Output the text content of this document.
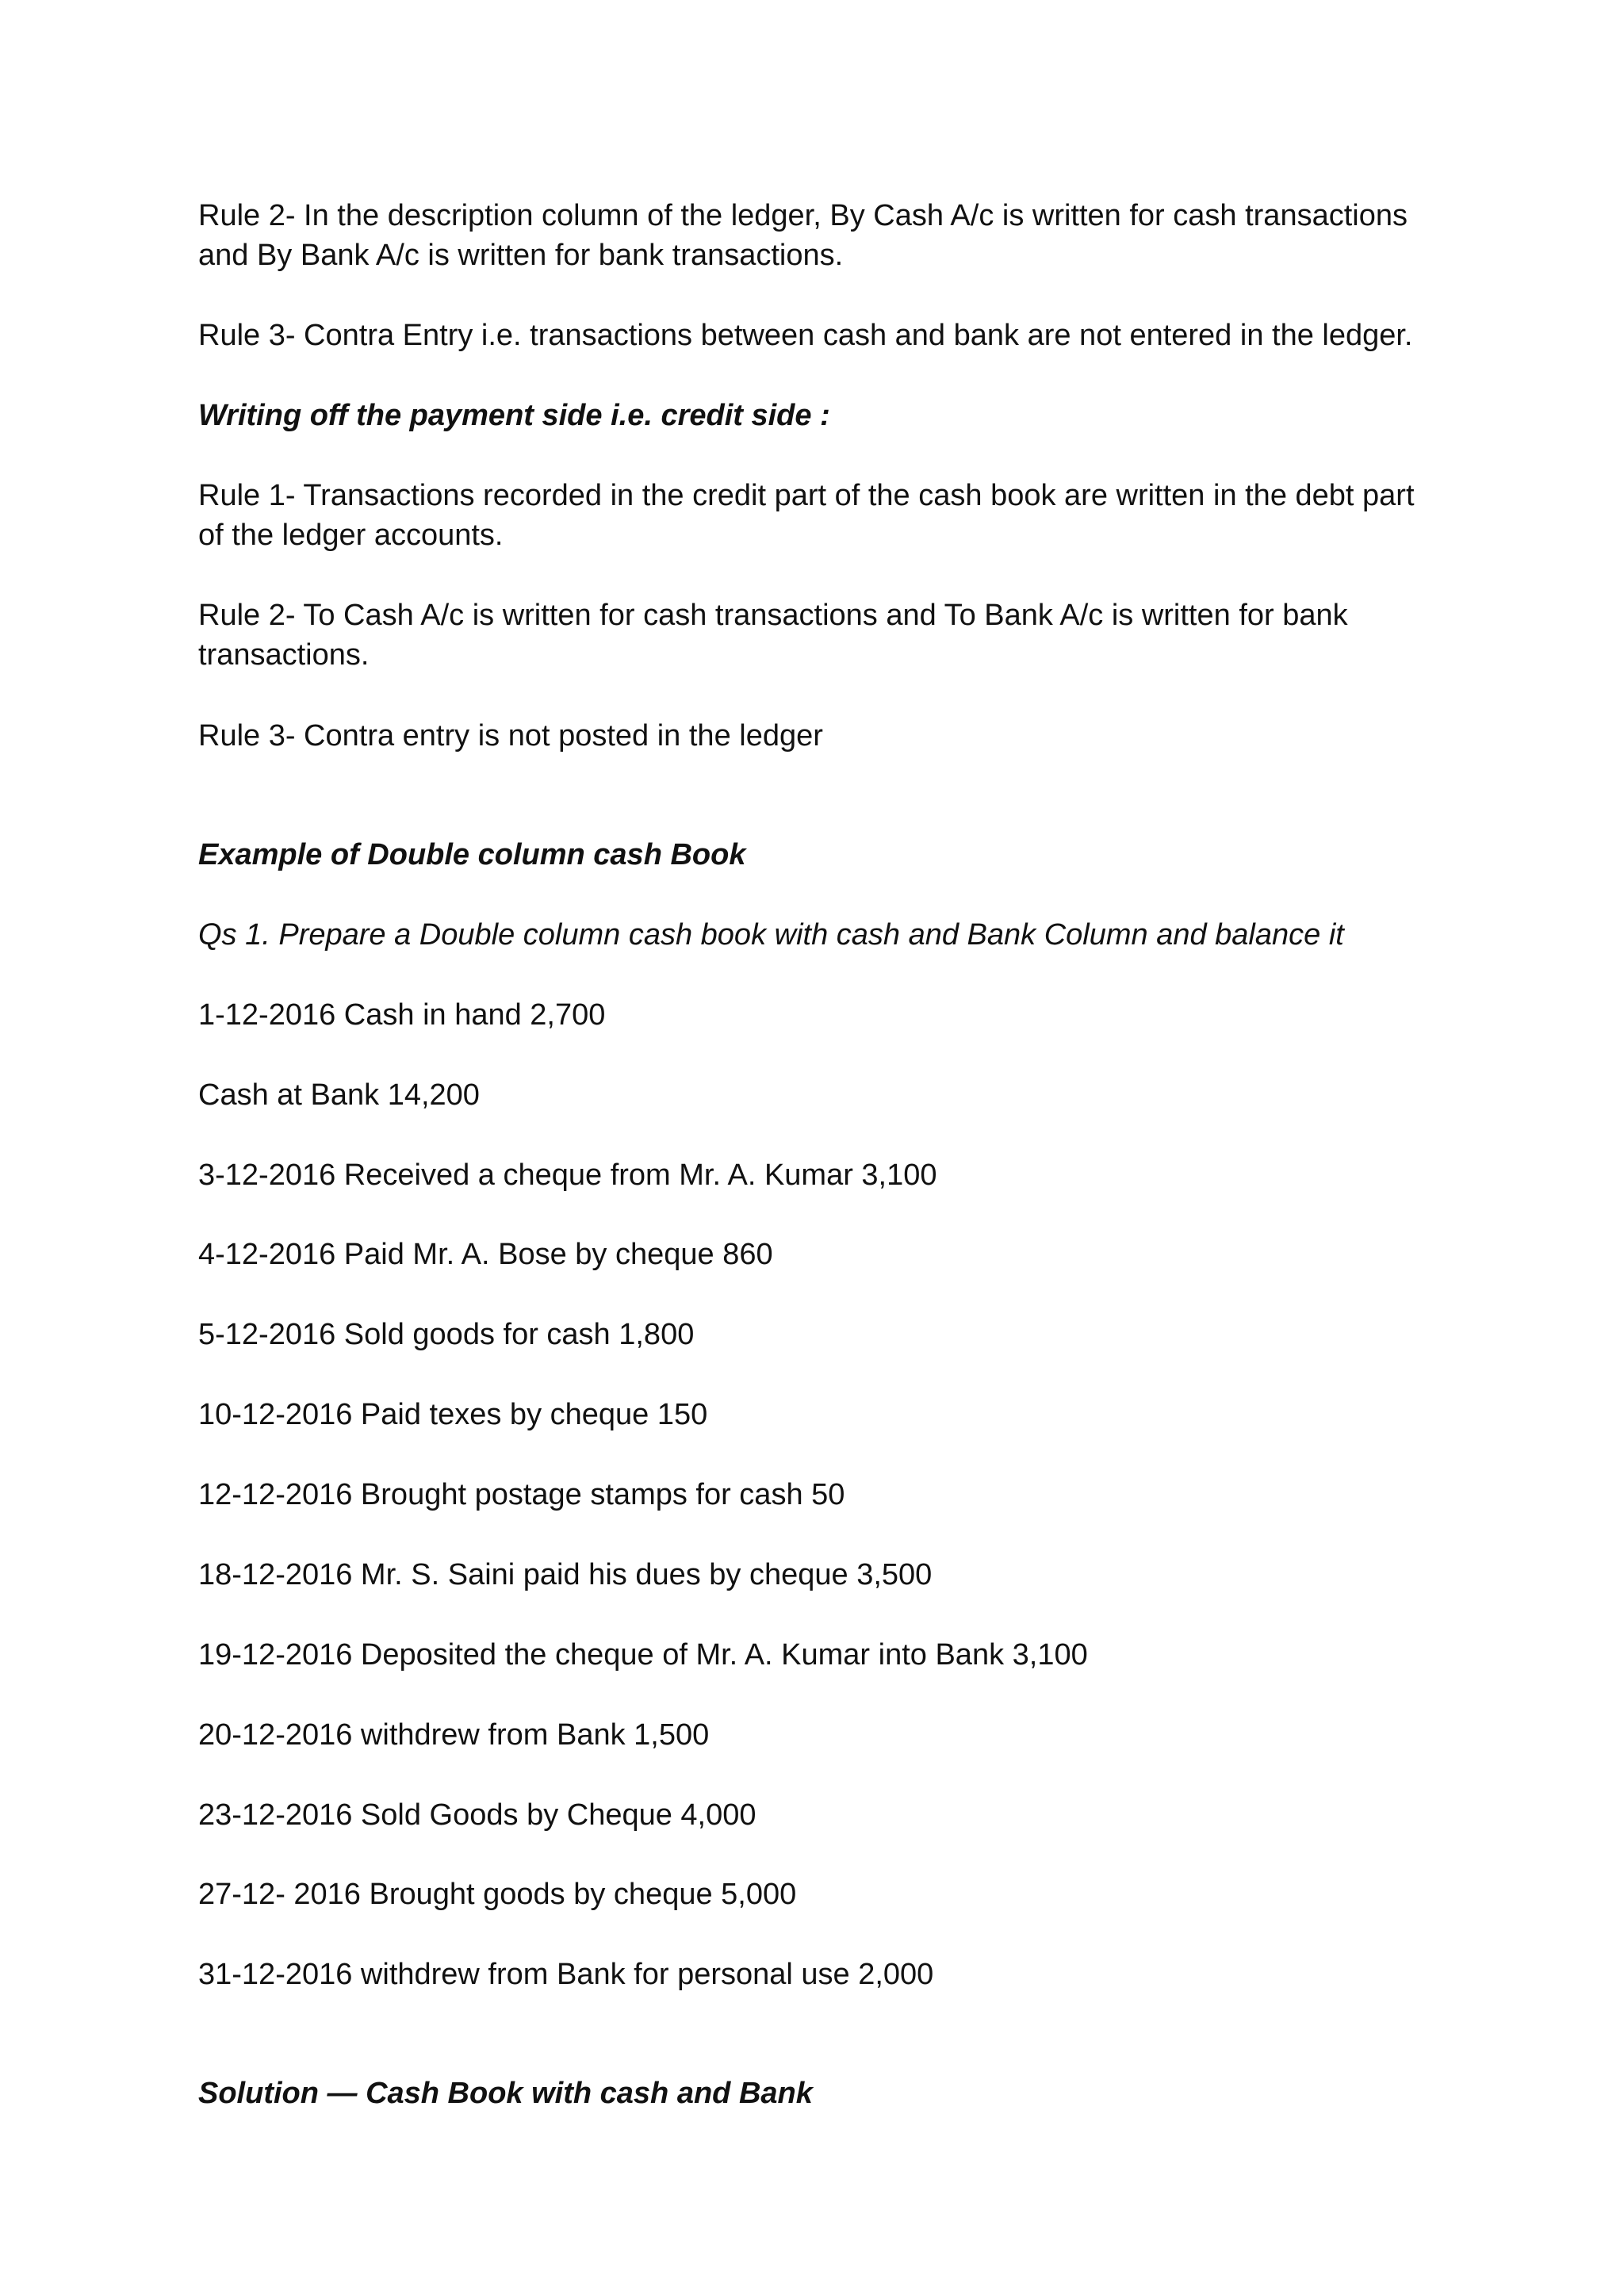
Rule 2- In the description column of the ledger, By Cash A/c is written for cash transactions and By Bank A/c is written for bank transactions.

Rule 3- Contra Entry i.e. transactions between cash and bank are not entered in the ledger.

Writing off the payment side i.e. credit side :

Rule 1- Transactions recorded in the credit part of the cash book are written in the debt part of the ledger accounts.

Rule 2- To Cash A/c is written for cash transactions and To Bank A/c is written for bank transactions.

Rule 3- Contra entry is not posted in the ledger

Example of Double column cash Book

Qs 1. Prepare a Double column cash book with cash and Bank Column and balance it

1-12-2016 Cash in hand 2,700

Cash at Bank 14,200

3-12-2016 Received a cheque from Mr. A. Kumar 3,100

4-12-2016 Paid Mr. A. Bose by cheque 860

5-12-2016 Sold goods for cash 1,800

10-12-2016 Paid texes by cheque 150

12-12-2016 Brought postage stamps for cash 50

18-12-2016 Mr. S. Saini paid his dues by cheque 3,500

19-12-2016 Deposited the cheque of Mr. A. Kumar into Bank 3,100

20-12-2016 withdrew from Bank 1,500

23-12-2016 Sold Goods by Cheque 4,000

27-12- 2016 Brought goods by cheque 5,000

31-12-2016 withdrew from Bank for personal use 2,000

Solution — Cash Book with cash and Bank
